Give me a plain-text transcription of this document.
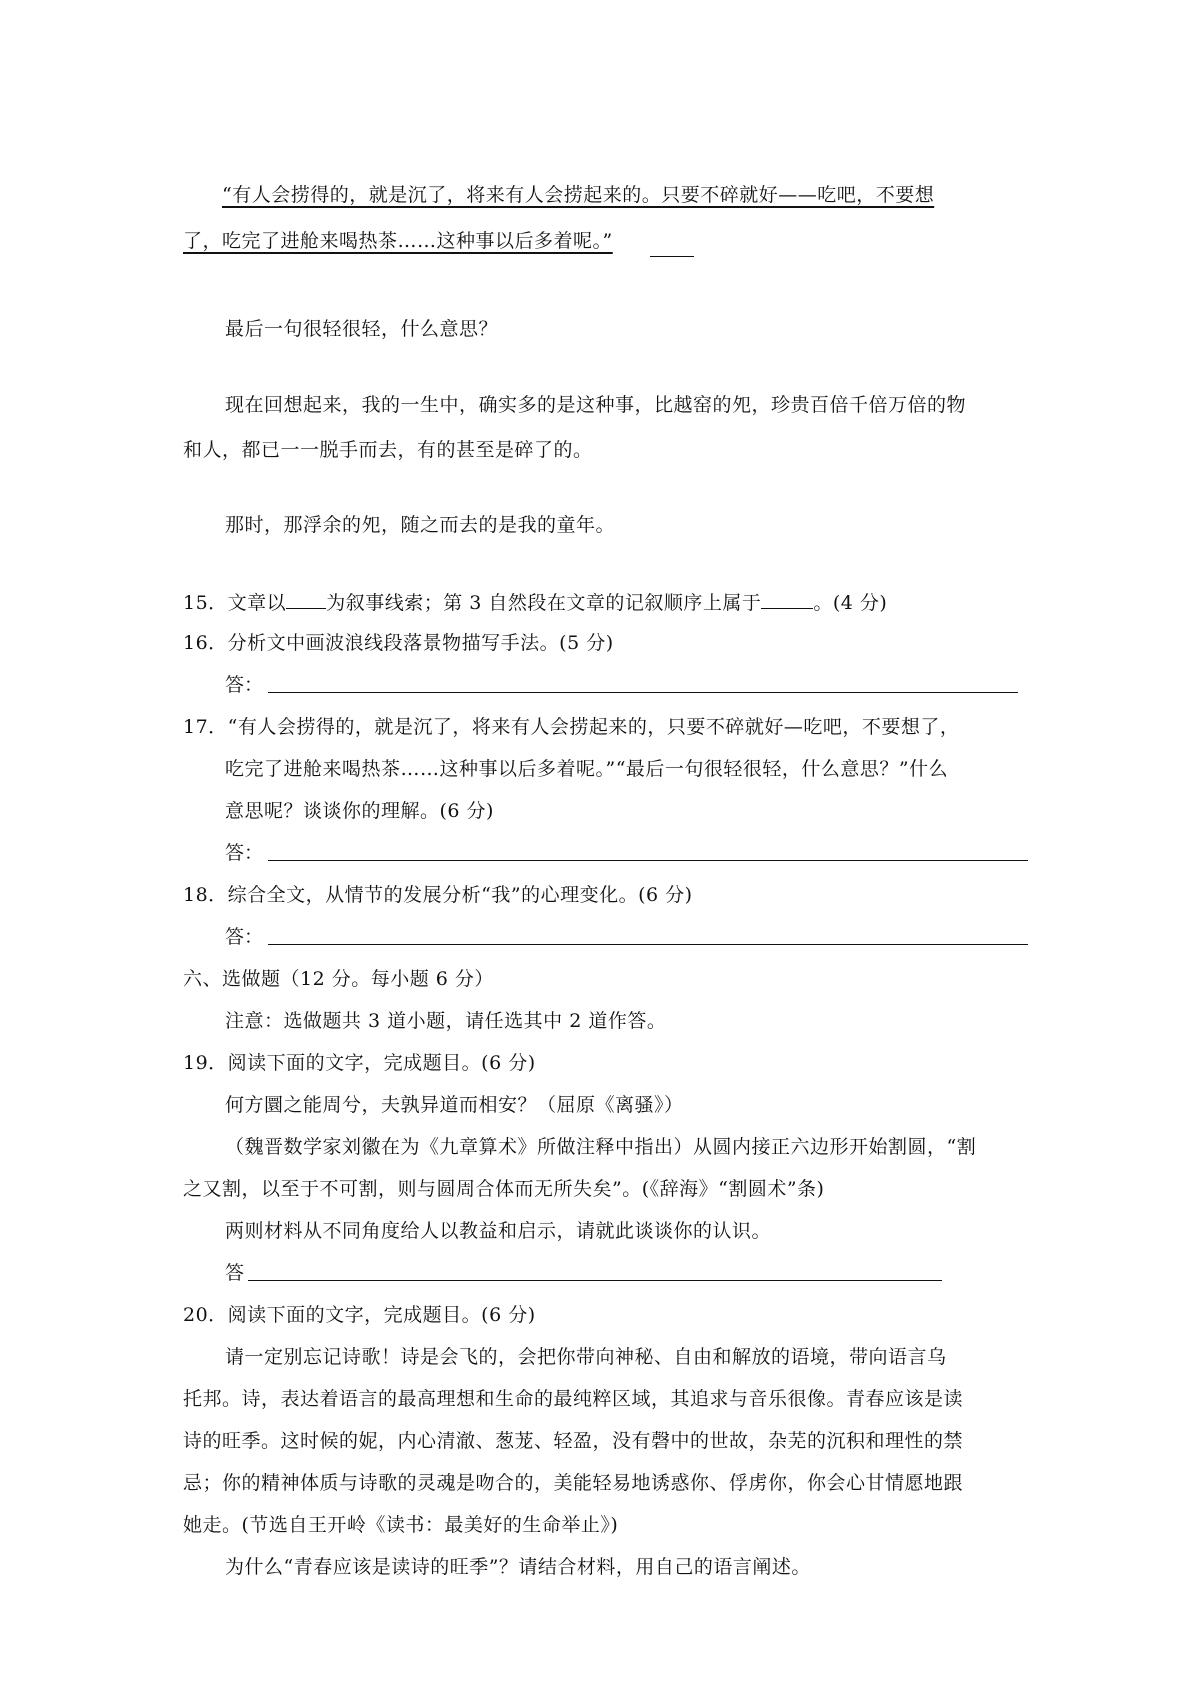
“有人会捞得的，就是沉了，将来有人会捞起来的。只要不碎就好——吃吧，不要想
了，吃完了进舱来喝热茶……这种事以后多着呢。”
最后一句很轻很轻，什么意思？
现在回想起来，我的一生中，确实多的是这种事，比越窑的夗，珍贵百倍千倍万倍的物
和人，都已一一脱手而去，有的甚至是碎了的。
那时，那浮余的夗，随之而去的是我的童年。
15．文章以 为叙事线索；第 3 自然段在文章的记叙顺序上属于	。(4 分)
16．分析文中画波浪线段落景物描写手法。(5 分)
答：
17．“有人会捞得的，就是沉了，将来有人会捞起来的，只要不碎就好—吃吧，不要想了，
吃完了进舱来喝热茶……这种事以后多着呢。”“最后一句很轻很轻，什么意思？”什么
意思呢？谈谈你的理解。(6 分)
答：
18．综合全文，从情节的发展分析“我”的心理变化。(6 分)
答：
六、选做题（12 分。每小题 6 分）
注意：选做题共 3 道小题，请任选其中 2 道作答。
19．阅读下面的文字，完成题目。(6 分)
何方圜之能周兮，夫孰异道而相安？（屈原《离骚》）
（魏晋数学家刘徽在为《九章算术》所做注释中指出）从圆内接正六边形开始割圆，“割
之又割，以至于不可割，则与圆周合体而无所失矣”。(《辞海》“割圆术”条)
两则材料从不同角度给人以教益和启示，请就此谈谈你的认识。
答
20．阅读下面的文字，完成题目。(6 分)
请一定别忘记诗歌！诗是会飞的，会把你带向神秘、自由和解放的语境，带向语言乌
托邦。诗，表达着语言的最高理想和生命的最纯粹区域，其追求与音乐很像。青春应该是读
诗的旺季。这时候的妮，内心清澈、葱茏、轻盈，没有磬中的世故，杂芜的沉积和理性的禁
忌；你的精神体质与诗歌的灵魂是吻合的，美能轻易地诱惑你、俘虏你，你会心甘情愿地跟
她走。(节选自王开岭《读书：最美好的生命举止》)
为什么“青春应该是读诗的旺季”？请结合材料，用自己的语言阐述。
